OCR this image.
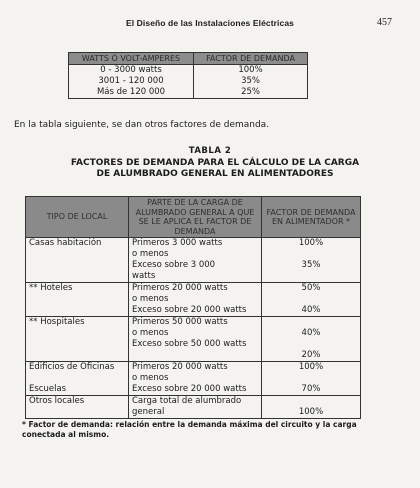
El Diseño de las Instalaciones Eléctricas	457
WATTS Ó VOLT-AMPERES	FACTOR DE DEMANDA
0 - 3000 watts	100%
3001 - 120 000	35%
Más de 120 000	25%
En la tabla siguiente, se dan otros factores de demanda.
TABLA 2
FACTORES DE DEMANDA PARA EL CÁLCULO DE LA CARGA
DE ALUMBRADO GENERAL EN ALIMENTADORES
TIPO DE LOCAL	PARTE DE LA CARGA DE ALUMBRADO GENERAL A QUE SE LE APLICA EL FACTOR DE DEMANDA	FACTOR DE DEMANDA EN ALIMENTADOR *
Casas habitación	Primeros 3 000 watts	100%
	o menos	
	Exceso sobre 3 000	35%
	watts	
** Hoteles	Primeros 20 000 watts	50%
	o menos	
	Exceso sobre 20 000 watts	40%
** Hospitales	Primeros 50 000 watts	
	o menos	40%
	Exceso sobre 50 000 watts	
		20%
Edificios de Oficinas	Primeros 20 000 watts	100%
	o menos	
Escuelas	Exceso sobre 20 000 watts	70%
Otros locales	Carga total de alumbrado	
	general	100%
* Factor de demanda: relación entre la demanda máxima del circuito y la carga conectada al mismo.
